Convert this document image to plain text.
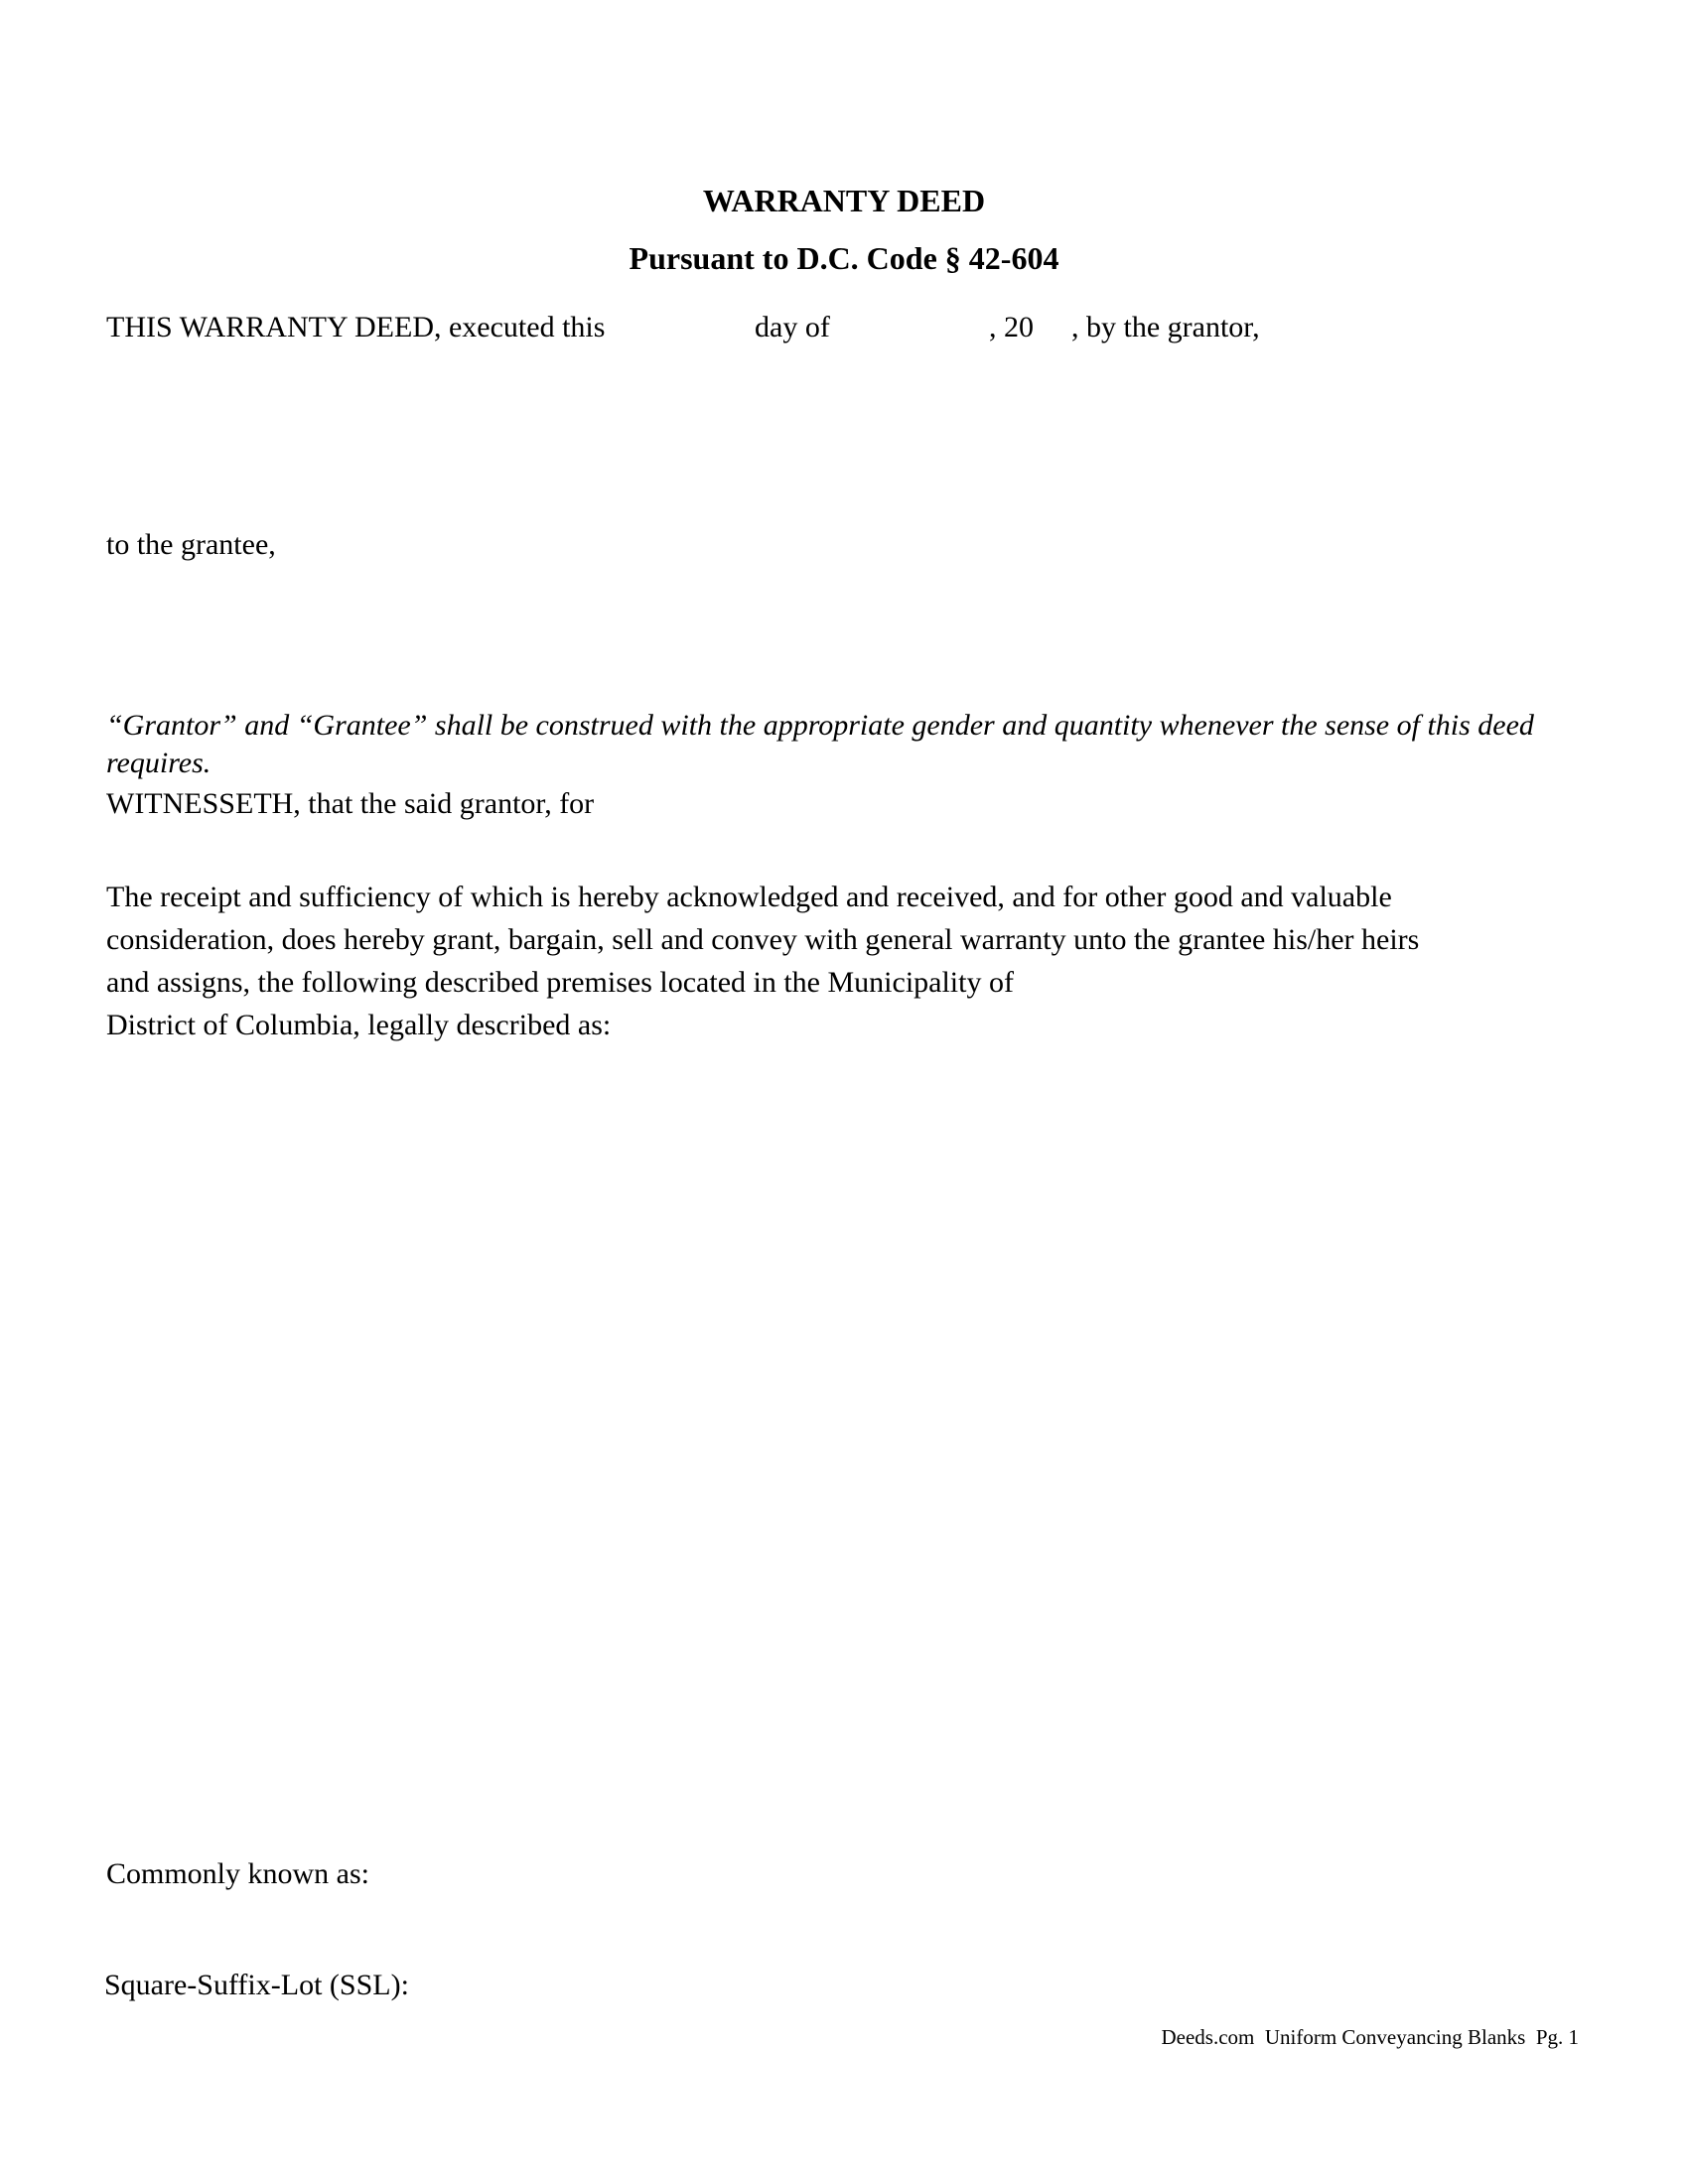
WARRANTY DEED
Pursuant to D.C. Code § 42-604
THIS WARRANTY DEED, executed this	day of	, 20 , by the grantor,
to the grantee,
“Grantor” and “Grantee” shall be construed with the appropriate gender and quantity whenever the sense of this deed requires.
WITNESSETH, that the said grantor, for
The receipt and sufficiency of which is hereby acknowledged and received, and for other good and valuable
consideration, does hereby grant, bargain, sell and convey with general warranty unto the grantee his/her heirs
and assigns, the following described premises located in the Municipality of
District of Columbia, legally described as:
Commonly known as:
Square-Suffix-Lot (SSL):
Deeds.com  Uniform Conveyancing Blanks  Pg. 1
